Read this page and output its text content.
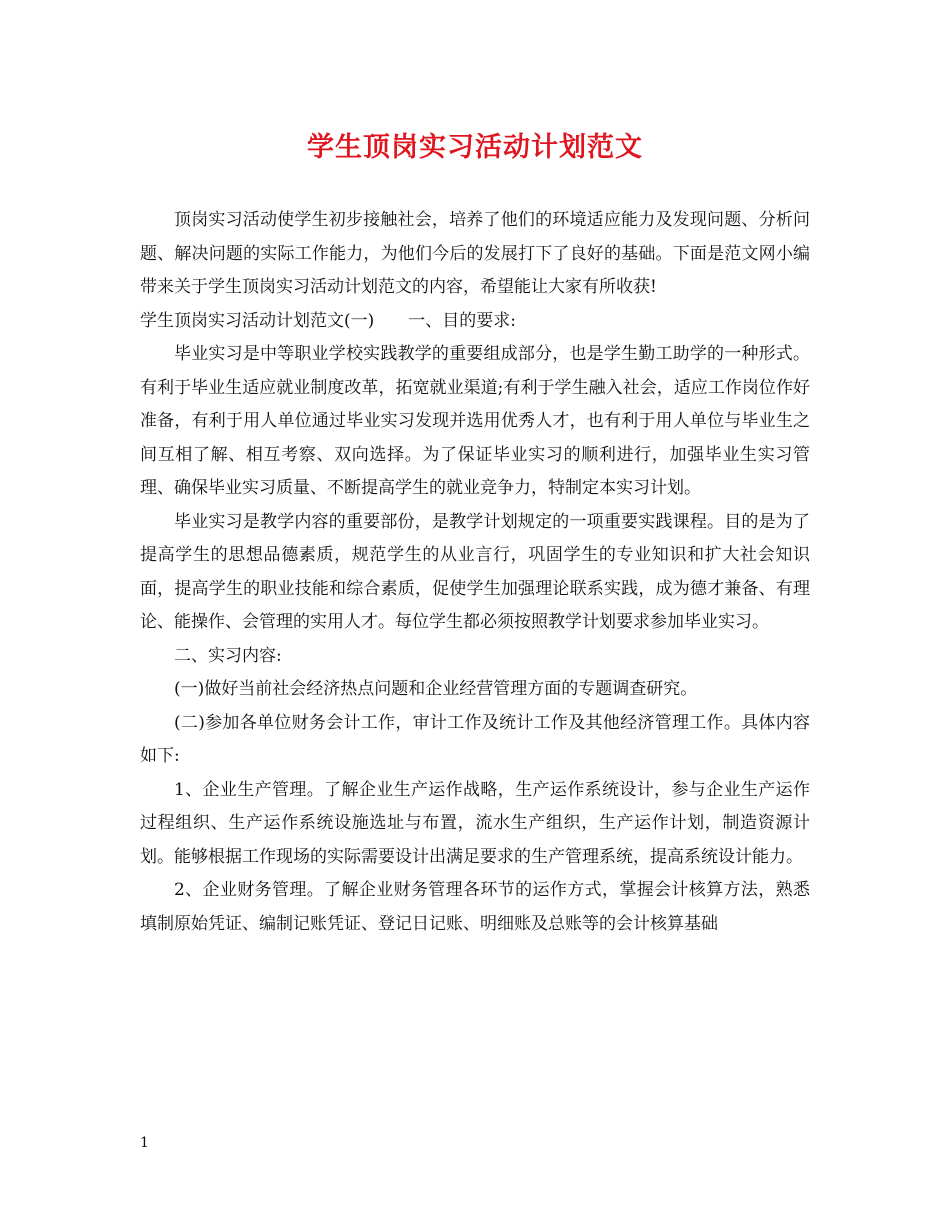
学生顶岗实习活动计划范文

顶岗实习活动使学生初步接触社会，培养了他们的环境适应能力及发现问题、分析问题、解决问题的实际工作能力，为他们今后的发展打下了良好的基础。下面是范文网小编带来关于学生顶岗实习活动计划范文的内容，希望能让大家有所收获!

学生顶岗实习活动计划范文(一)　　一、目的要求:

毕业实习是中等职业学校实践教学的重要组成部分，也是学生勤工助学的一种形式。有利于毕业生适应就业制度改革，拓宽就业渠道;有利于学生融入社会，适应工作岗位作好准备，有利于用人单位通过毕业实习发现并选用优秀人才，也有利于用人单位与毕业生之间互相了解、相互考察、双向选择。为了保证毕业实习的顺利进行，加强毕业生实习管理、确保毕业实习质量、不断提高学生的就业竞争力，特制定本实习计划。

毕业实习是教学内容的重要部份，是教学计划规定的一项重要实践课程。目的是为了提高学生的思想品德素质，规范学生的从业言行，巩固学生的专业知识和扩大社会知识面，提高学生的职业技能和综合素质，促使学生加强理论联系实践，成为德才兼备、有理论、能操作、会管理的实用人才。每位学生都必须按照教学计划要求参加毕业实习。

二、实习内容:

(一)做好当前社会经济热点问题和企业经营管理方面的专题调查研究。

(二)参加各单位财务会计工作，审计工作及统计工作及其他经济管理工作。具体内容如下:

1、企业生产管理。了解企业生产运作战略，生产运作系统设计，参与企业生产运作过程组织、生产运作系统设施选址与布置，流水生产组织，生产运作计划，制造资源计划。能够根据工作现场的实际需要设计出满足要求的生产管理系统，提高系统设计能力。

2、企业财务管理。了解企业财务管理各环节的运作方式，掌握会计核算方法，熟悉填制原始凭证、编制记账凭证、登记日记账、明细账及总账等的会计核算基础

1
